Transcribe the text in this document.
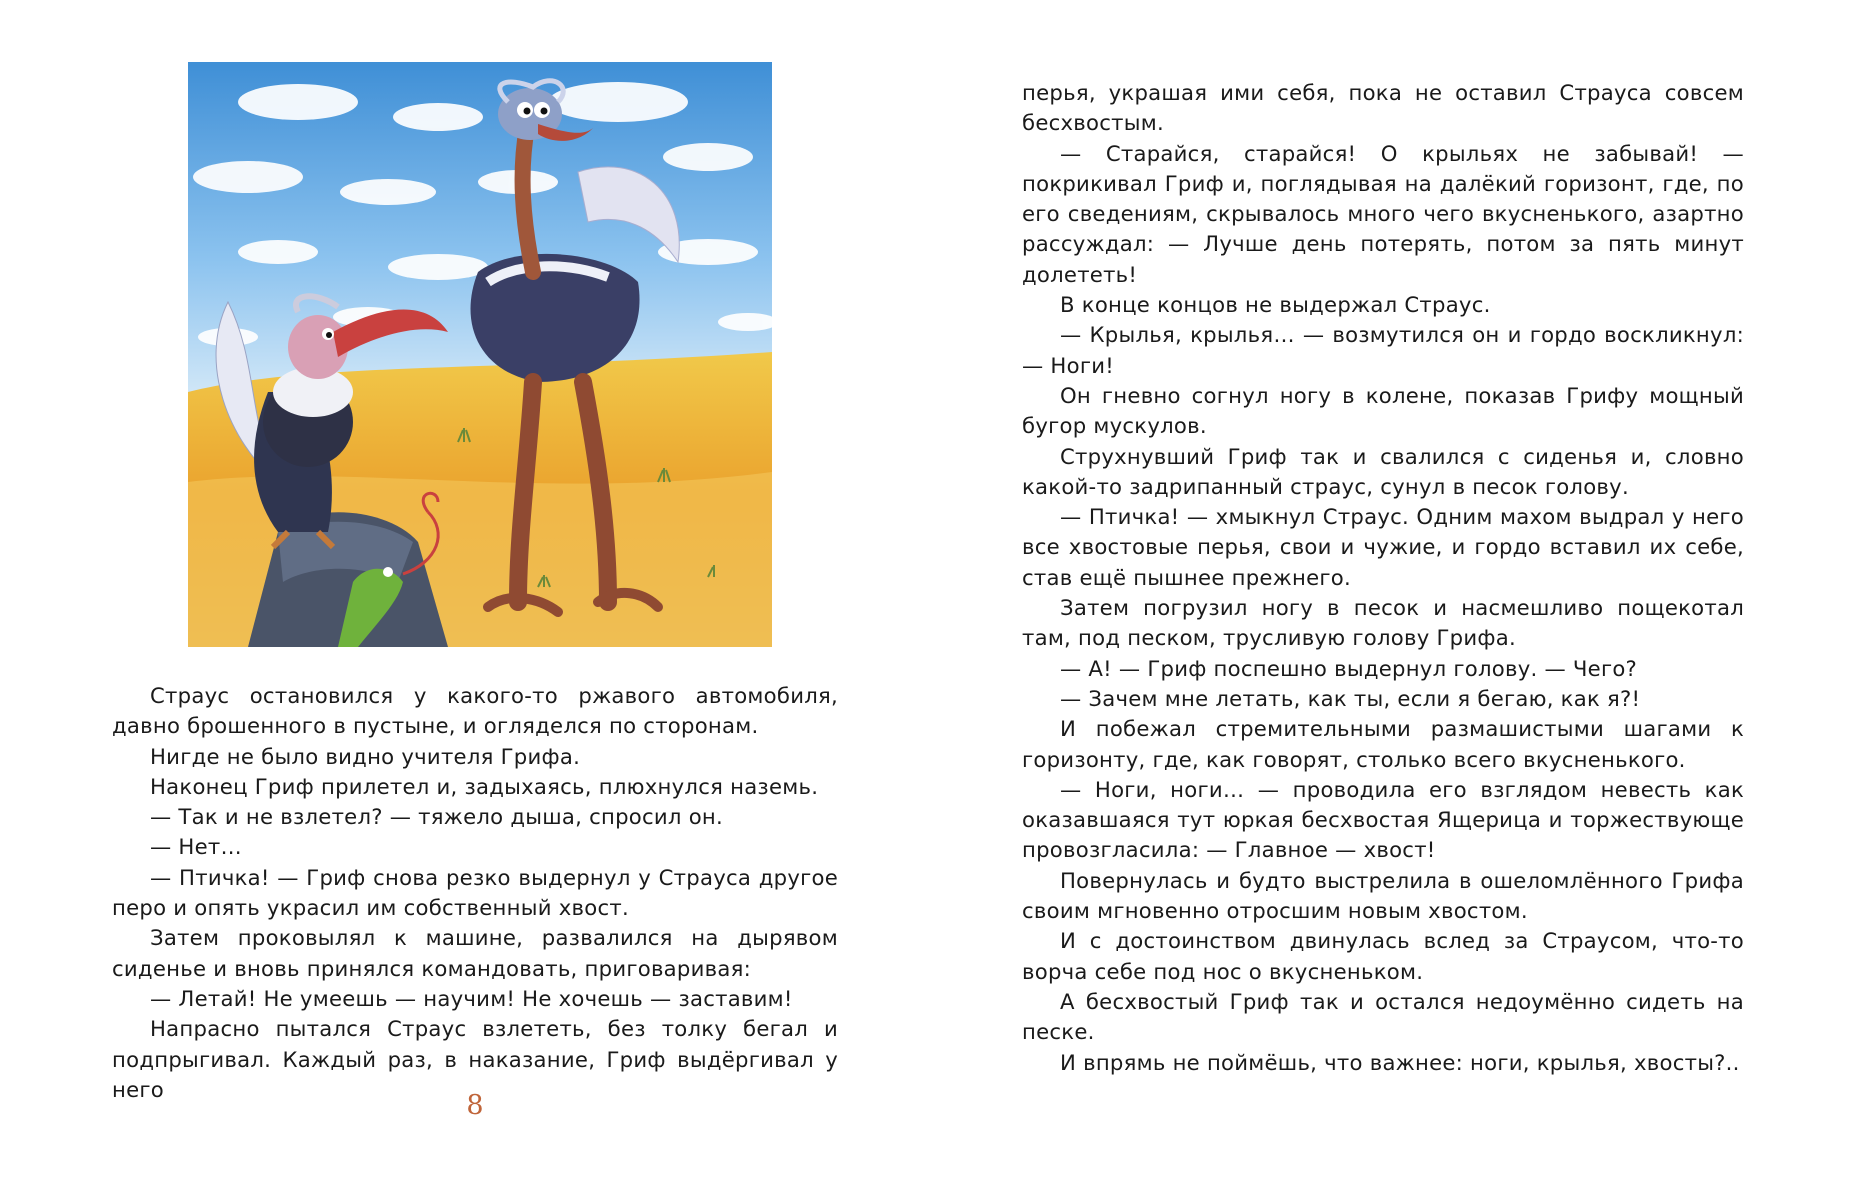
Страус остановился у какого-то ржавого автомобиля, давно брошенного в пустыне, и огляделся по сторонам.

Нигде не было видно учителя Грифа.

Наконец Гриф прилетел и, задыхаясь, плюхнулся наземь.

— Так и не взлетел? — тяжело дыша, спросил он.

— Нет…

— Птичка! — Гриф снова резко выдернул у Страуса другое перо и опять украсил им собственный хвост.

Затем проковылял к машине, развалился на дырявом сиденье и вновь принялся командовать, приговаривая:

— Летай! Не умеешь — научим! Не хочешь — заставим!

Напрасно пытался Страус взлететь, без толку бегал и подпрыгивал. Каждый раз, в наказание, Гриф выдёргивал у него

8

перья, украшая ими себя, пока не оставил Страуса совсем бесхвостым.

— Старайся, старайся! О крыльях не забывай! — покрикивал Гриф и, поглядывая на далёкий горизонт, где, по его сведениям, скрывалось много чего вкусненького, азартно рассуждал: — Лучше день потерять, потом за пять минут долететь!

В конце концов не выдержал Страус.

— Крылья, крылья… — возмутился он и гордо воскликнул: — Ноги!

Он гневно согнул ногу в колене, показав Грифу мощный бугор мускулов.

Струхнувший Гриф так и свалился с сиденья и, словно какой-то задрипанный страус, сунул в песок голову.

— Птичка! — хмыкнул Страус. Одним махом выдрал у него все хвостовые перья, свои и чужие, и гордо вставил их себе, став ещё пышнее прежнего.

Затем погрузил ногу в песок и насмешливо пощекотал там, под песком, трусливую голову Грифа.

— А! — Гриф поспешно выдернул голову. — Чего?

— Зачем мне летать, как ты, если я бегаю, как я?!

И побежал стремительными размашистыми шагами к горизонту, где, как говорят, столько всего вкусненького.

— Ноги, ноги… — проводила его взглядом невесть как оказавшаяся тут юркая бесхвостая Ящерица и торжествующе провозгласила: — Главное — хвост!

Повернулась и будто выстрелила в ошеломлённого Грифа своим мгновенно отросшим новым хвостом.

И с достоинством двинулась вслед за Страусом, что-то ворча себе под нос о вкусненьком.

А бесхвостый Гриф так и остался недоумённо сидеть на песке.

И впрямь не поймёшь, что важнее: ноги, крылья, хвосты?..
